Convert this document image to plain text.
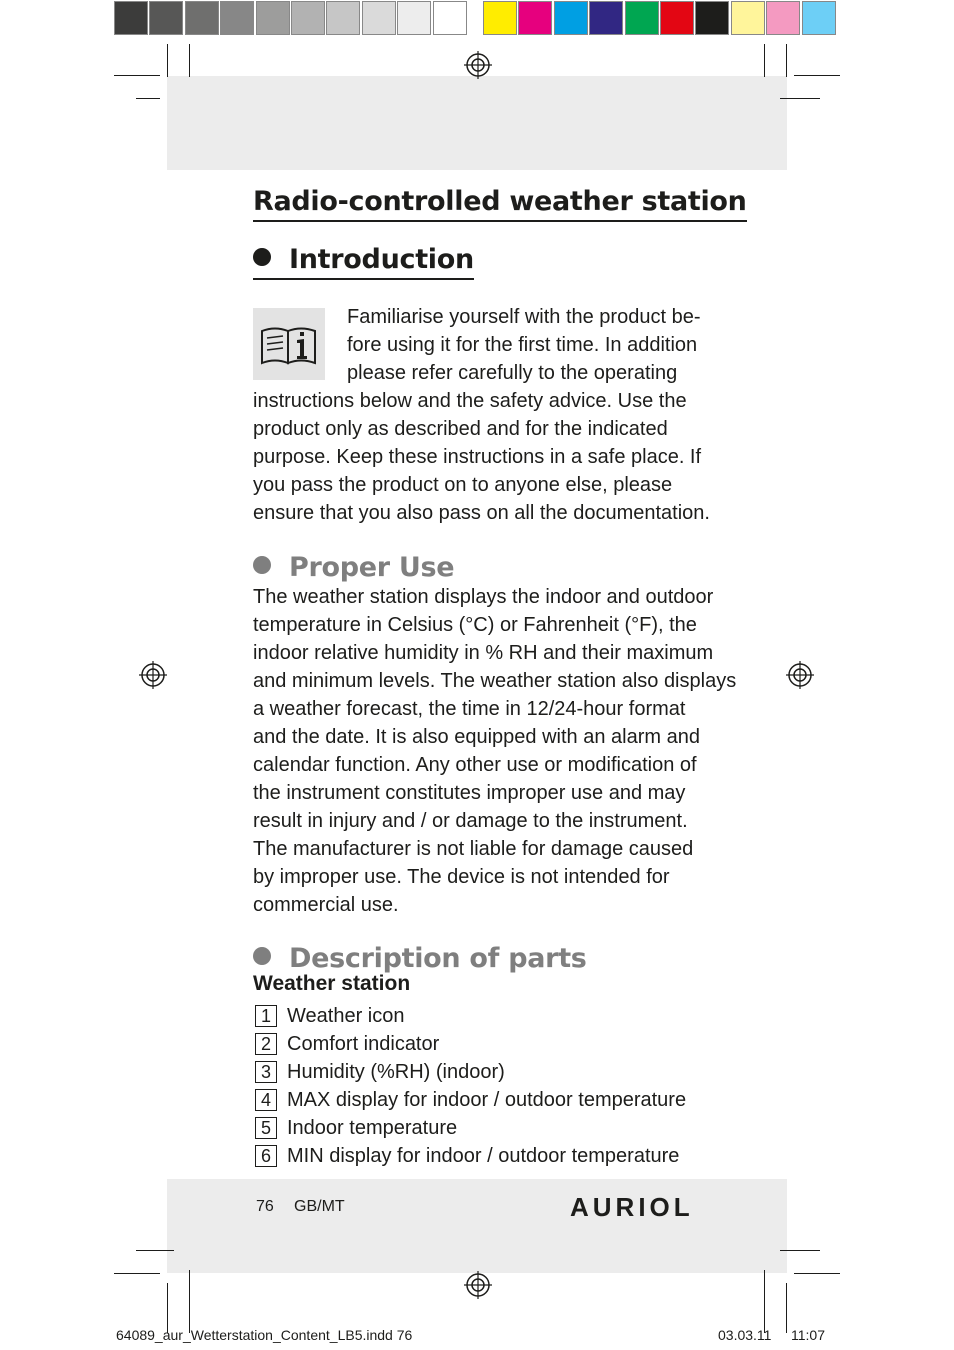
Radio-controlled weather station
Introduction
Familiarise yourself with the product be-
fore using it for the first time. In addition
please refer carefully to the operating
instructions below and the safety advice. Use the
product only as described and for the indicated
purpose. Keep these instructions in a safe place. If
you pass the product on to anyone else, please
ensure that you also pass on all the documentation.
Proper Use
The weather station displays the indoor and outdoor
temperature in Celsius (°C) or Fahrenheit (°F), the
indoor relative humidity in % RH and their maximum
and minimum levels. The weather station also displays
a weather forecast, the time in 12/24-hour format
and the date. It is also equipped with an alarm and
calendar function. Any other use or modification of
the instrument constitutes improper use and may
result in injury and / or damage to the instrument.
The manufacturer is not liable for damage caused
by improper use. The device is not intended for
commercial use.
Description of parts
Weather station
1 Weather icon
2 Comfort indicator
3 Humidity (%RH) (indoor)
4 MAX display for indoor / outdoor temperature
5 Indoor temperature
6 MIN display for indoor / outdoor temperature
76 GB/MT	AURIOL
64089_aur_Wetterstation_Content_LB5.indd 76	03.03.11 11:07
